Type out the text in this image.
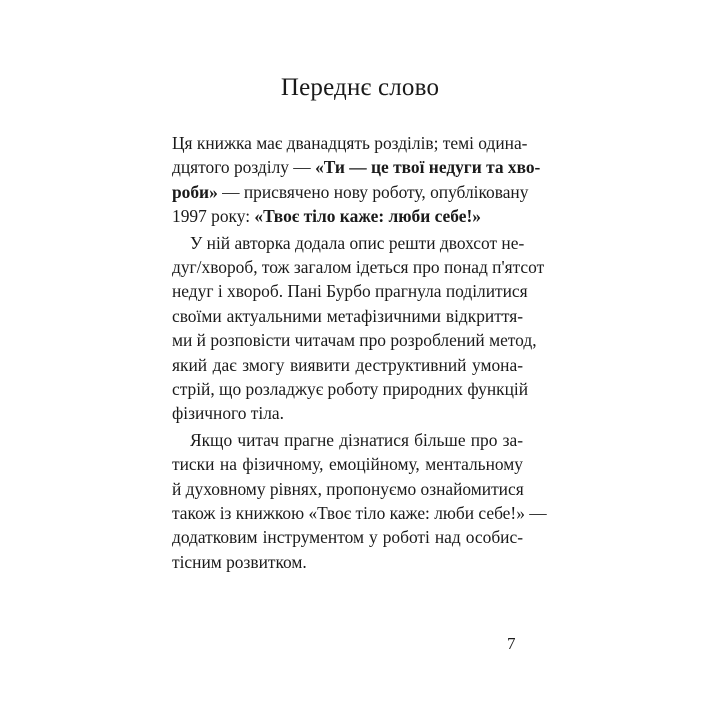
Переднє слово
Ця книжка має дванадцять розділів; темі одина-
дцятого розділу — «Ти — це твої недуги та хво-
роби» — присвячено нову роботу, опубліковану
1997 року: «Твоє тіло каже: люби себе!»
У ній авторка додала опис решти двохсот не-
дуг/хвороб, тож загалом ідеться про понад п'ятсот
недуг і хвороб. Пані Бурбо прагнула поділитися
своїми актуальними метафізичними відкриття-
ми й розповісти читачам про розроблений метод,
який дає змогу виявити деструктивний умона-
стрій, що розладжує роботу природних функцій
фізичного тіла.
Якщо читач прагне дізнатися більше про за-
тиски на фізичному, емоційному, ментальному
й духовному рівнях, пропонуємо ознайомитися
також із книжкою «Твоє тіло каже: люби себе!» —
додатковим інструментом у роботі над особис-
тісним розвитком.
7
